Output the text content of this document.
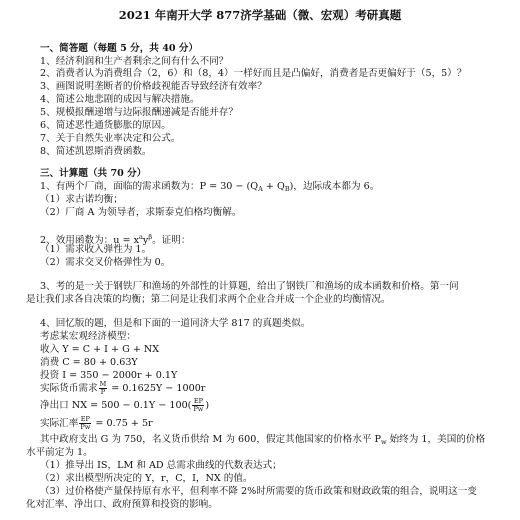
2021 年南开大学 877济学基础（微、宏观）考研真题
一、简答题（每题 5 分，共 40 分）
1、经济利润和生产者剩余之间有什么不同？
2、消费者认为消费组合（2，6）和（8，4）一样好而且是凸偏好，消费者是否更偏好于（5，5）？
3、画图说明垄断者的价格歧视能否导致经济有效率？
4、简述公地悲剧的成因与解决措施。
5、规模报酬递增与边际报酬递减是否能并存？
6、简述恶性通货膨胀的原因。
7、关于自然失业率决定和公式。
8、简述凯恩斯消费函数。
三、计算题（共 70 分）
1、有两个厂商，面临的需求函数为：$P = 30 - (Q_A + Q_B)$，边际成本都为 6。
（1）求古诺均衡；
（2）厂商 A 为领导者，求斯泰克伯格均衡解。
2、效用函数为：$u = x^ay^\beta$。证明：
（1）需求收入弹性为 1。
（2）需求交叉价格弹性为 0。
3、考的是一关于钢铁厂和渔场的外部性的计算题，给出了钢铁厂和渔场的成本函数和价格。第一问
是让我们求各自决策的均衡；第二问是让我们求两个企业合并成一个企业的均衡情况。
4、回忆版的题，但是和下面的一道同济大学 817 的真题类似。
考虑某宏观经济模型：
收入 Y = C + I + G + NX
消费 C = 80 + 0.63Y
投资 I = 350 − 2000r + 0.1Y
实际货币需求 $\frac{M}{P} = 0.1625Y - 1000r$
净出口 NX = $500 - 0.1Y - 100( \frac{EP}{Pw}$ )
实际汇率 $\frac{EP}{Pw} = 0.75 + 5r$
其中政府支出 G 为 750，名义货币供给 M 为 600，假定其他国家的价格水平 $P_w$ 始终为 1，美国的价格
水平前定为 1。
（1）推导出 IS，LM 和 AD 总需求曲线的代数表达式；
（2）求出模型所决定的 Y，r，C，I，NX 的值。
（3）过价格使产量保持原有水平，但利率不降 2%时所需要的货币政策和财政政策的组合，说明这一变
化对汇率、净出口、政府预算和投资的影响。
